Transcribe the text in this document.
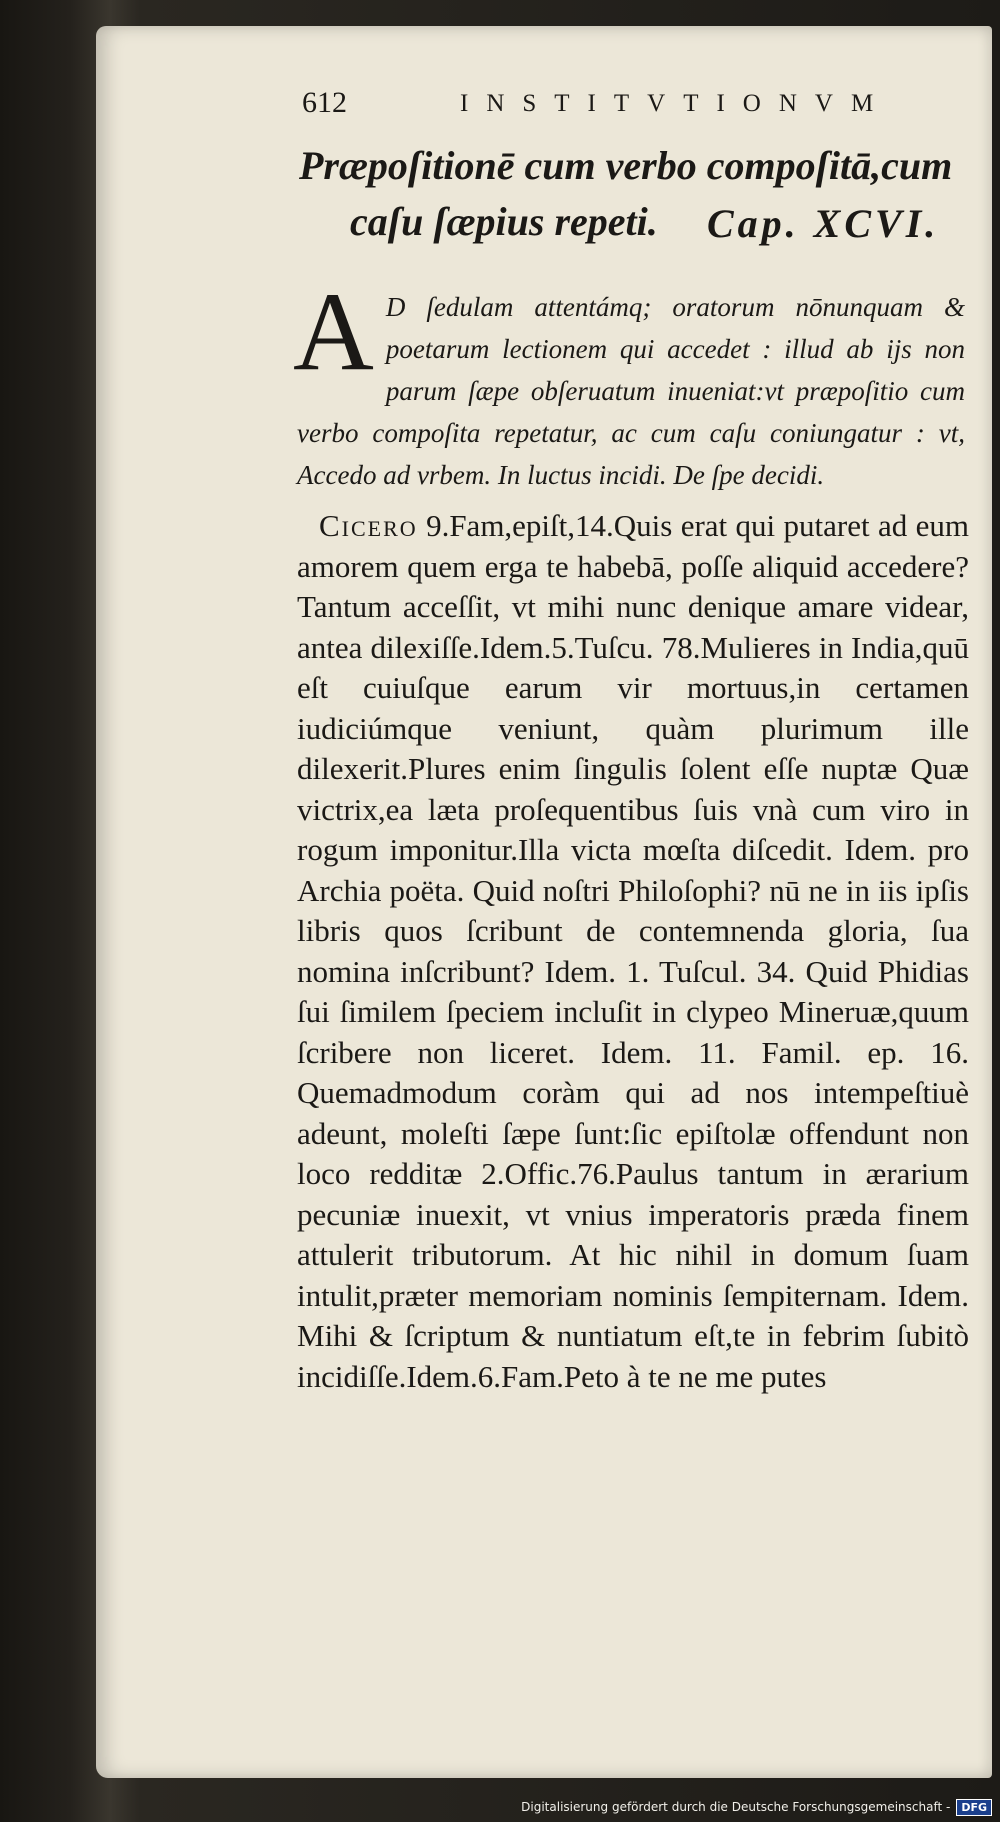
612	INSTITVTIONVM
Præpoſitionē cum verbo compoſitā,cum
caſu ſæpius repeti. Cap. XCVI.
A D ſedulam attentámq; oratorum nōnunquam & poetarum lectionem qui accedet : illud ab ijs non parum ſæpe obſeruatum inueniat:vt præpoſitio cum verbo compoſita repetatur, ac cum caſu coniungatur : vt, Accedo ad vrbem. In luctus incidi. De ſpe decidi.
Cicero 9.Fam,epiſt,14.Quis erat qui putaret ad eum amorem quem erga te habebā, poſſe aliquid accedere? Tantum acceſſit, vt mihi nunc denique amare videar, antea dilexiſſe.Idem.5.Tuſcu. 78.Mulieres in India,quū eſt cuiuſque earum vir mortuus,in certamen iudiciúmque veniunt, quàm plurimum ille dilexerit.Plures enim ſingulis ſolent eſſe nuptæ Quæ victrix,ea læta proſequentibus ſuis vnà cum viro in rogum imponitur.Illa victa mœſta diſcedit. Idem. pro Archia poëta. Quid noſtri Philoſophi? nū ne in iis ipſis libris quos ſcribunt de contemnenda gloria, ſua nomina inſcribunt? Idem. 1. Tuſcul. 34. Quid Phidias ſui ſimilem ſpeciem incluſit in clypeo Mineruæ,quum ſcribere non liceret. Idem. 11. Famil. ep. 16. Quemadmodum coràm qui ad nos intempeſtiuè adeunt, moleſti ſæpe ſunt:ſic epiſtolæ offendunt non loco redditæ 2.Offic.76.Paulus tantum in ærarium pecuniæ inuexit, vt vnius imperatoris præda finem attulerit tributorum. At hic nihil in domum ſuam intulit,præter memoriam nominis ſempiternam. Idem. Mihi & ſcriptum & nuntiatum eſt,te in febrim ſubitò incidiſſe.Idem.6.Fam.Peto à te ne me putes
Digitalisierung gefördert durch die Deutsche Forschungsgemeinschaft -	DFG
